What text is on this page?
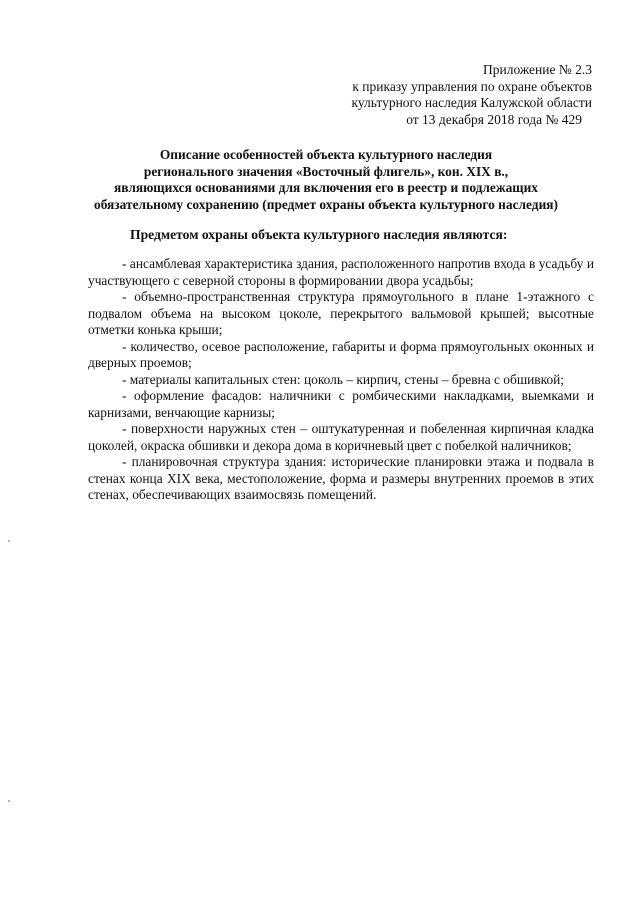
Приложение № 2.3
к приказу управления по охране объектов
культурного наследия Калужской области
от 13 декабря 2018 года № 429
Описание особенностей объекта культурного наследия
регионального значения «Восточный флигель», кон. XIX в.,
являющихся основаниями для включения его в реестр и подлежащих
обязательному сохранению (предмет охраны объекта культурного наследия)
Предметом охраны объекта культурного наследия являются:

- ансамблевая характеристика здания, расположенного напротив входа в усадьбу и участвующего с северной стороны в формировании двора усадьбы;

- объемно-пространственная структура прямоугольного в плане 1-этажного с подвалом объема на высоком цоколе, перекрытого вальмовой крышей; высотные отметки конька крыши;

- количество, осевое расположение, габариты и форма прямоугольных оконных и дверных проемов;

- материалы капитальных стен: цоколь – кирпич, стены – бревна с обшивкой;

- оформление фасадов: наличники с ромбическими накладками, выемками и карнизами, венчающие карнизы;

- поверхности наружных стен – оштукатуренная и побеленная кирпичная кладка цоколей, окраска обшивки и декора дома в коричневый цвет с побелкой наличников;

- планировочная структура здания: исторические планировки этажа и подвала в стенах конца XIX века, местоположение, форма и размеры внутренних проемов в этих стенах, обеспечивающих взаимосвязь помещений.
